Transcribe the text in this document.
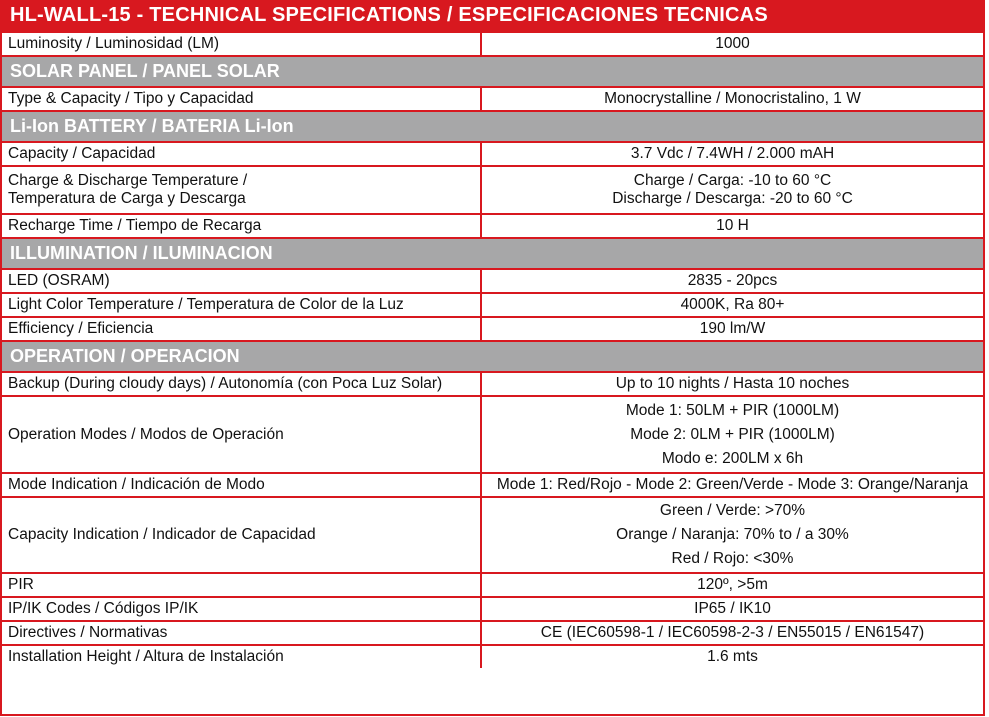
HL-WALL-15 - TECHNICAL SPECIFICATIONS / ESPECIFICACIONES TECNICAS
Luminosity / Luminosidad (LM)	1000

SOLAR PANEL / PANEL SOLAR	
Type & Capacity / Tipo y Capacidad	Monocrystalline / Monocristalino, 1 W

Li-Ion BATTERY / BATERIA Li-Ion	
Capacity / Capacidad	3.7 Vdc / 7.4WH / 2.000 mAH

Charge & Discharge Temperature /
Temperatura de Carga y Descarga	Charge / Carga: -10 to 60 °C
Discharge / Descarga: -20 to 60 °C

Recharge Time / Tiempo de Recarga	10 H

ILLUMINATION / ILUMINACION	
LED (OSRAM)	2835 - 20pcs

Light Color Temperature / Temperatura de Color de la Luz	4000K, Ra 80+

Efficiency / Eficiencia	190 lm/W

OPERATION / OPERACION	
Backup (During cloudy days) / Autonomía (con Poca Luz Solar)	Up to 10 nights / Hasta 10 noches

Operation Modes / Modos de Operación	Mode 1: 50LM + PIR (1000LM)
Mode 2: 0LM + PIR (1000LM)
Modo e: 200LM x 6h

Mode Indication / Indicación de Modo	Mode 1: Red/Rojo - Mode 2: Green/Verde - Mode 3: Orange/Naranja

Capacity Indication / Indicador de Capacidad	Green / Verde: >70%
Orange / Naranja: 70% to / a 30%
Red / Rojo: <30%

PIR	120º, >5m

IP/IK Codes / Códigos IP/IK	IP65 / IK10

Directives / Normativas	CE (IEC60598-1 / IEC60598-2-3 / EN55015 / EN61547)

Installation Height / Altura de Instalación	1.6 mts
